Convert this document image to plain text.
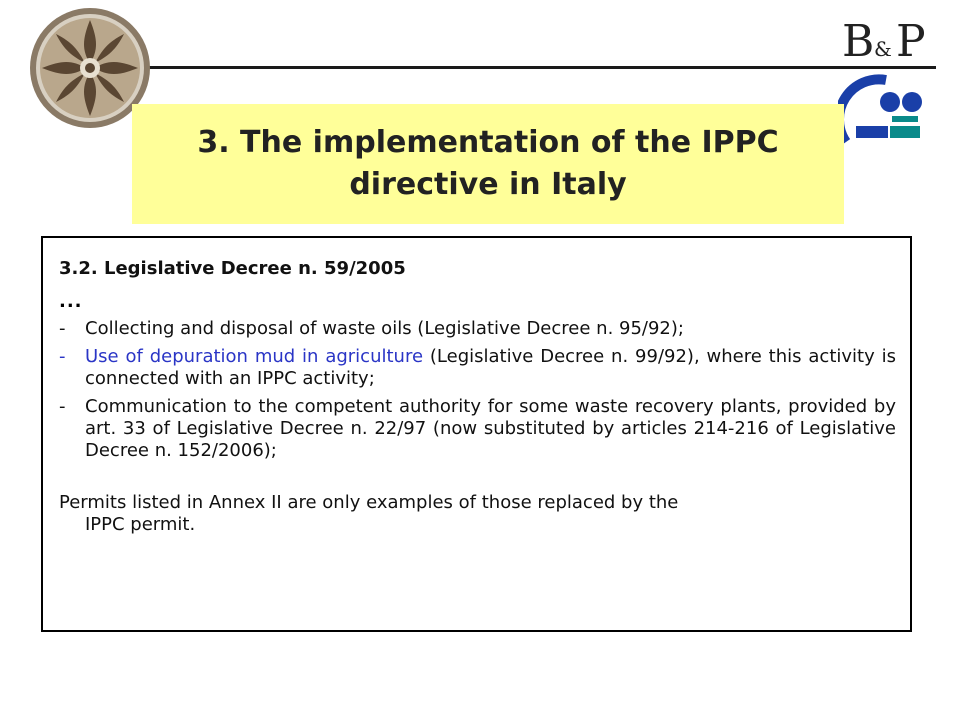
B & P
3. The implementation of the IPPC
directive in Italy
3.2. Legislative Decree n. 59/2005
...
- Collecting and disposal of waste oils (Legislative Decree n. 95/92);
- Use of depuration mud in agriculture (Legislative Decree n. 99/92), where this activity is connected with an IPPC activity;
- Communication to the competent authority for some waste recovery plants, provided by art. 33 of Legislative Decree n. 22/97 (now substituted by articles 214-216 of Legislative Decree n. 152/2006);
Permits listed in Annex II are only examples of those replaced by the
IPPC permit.
